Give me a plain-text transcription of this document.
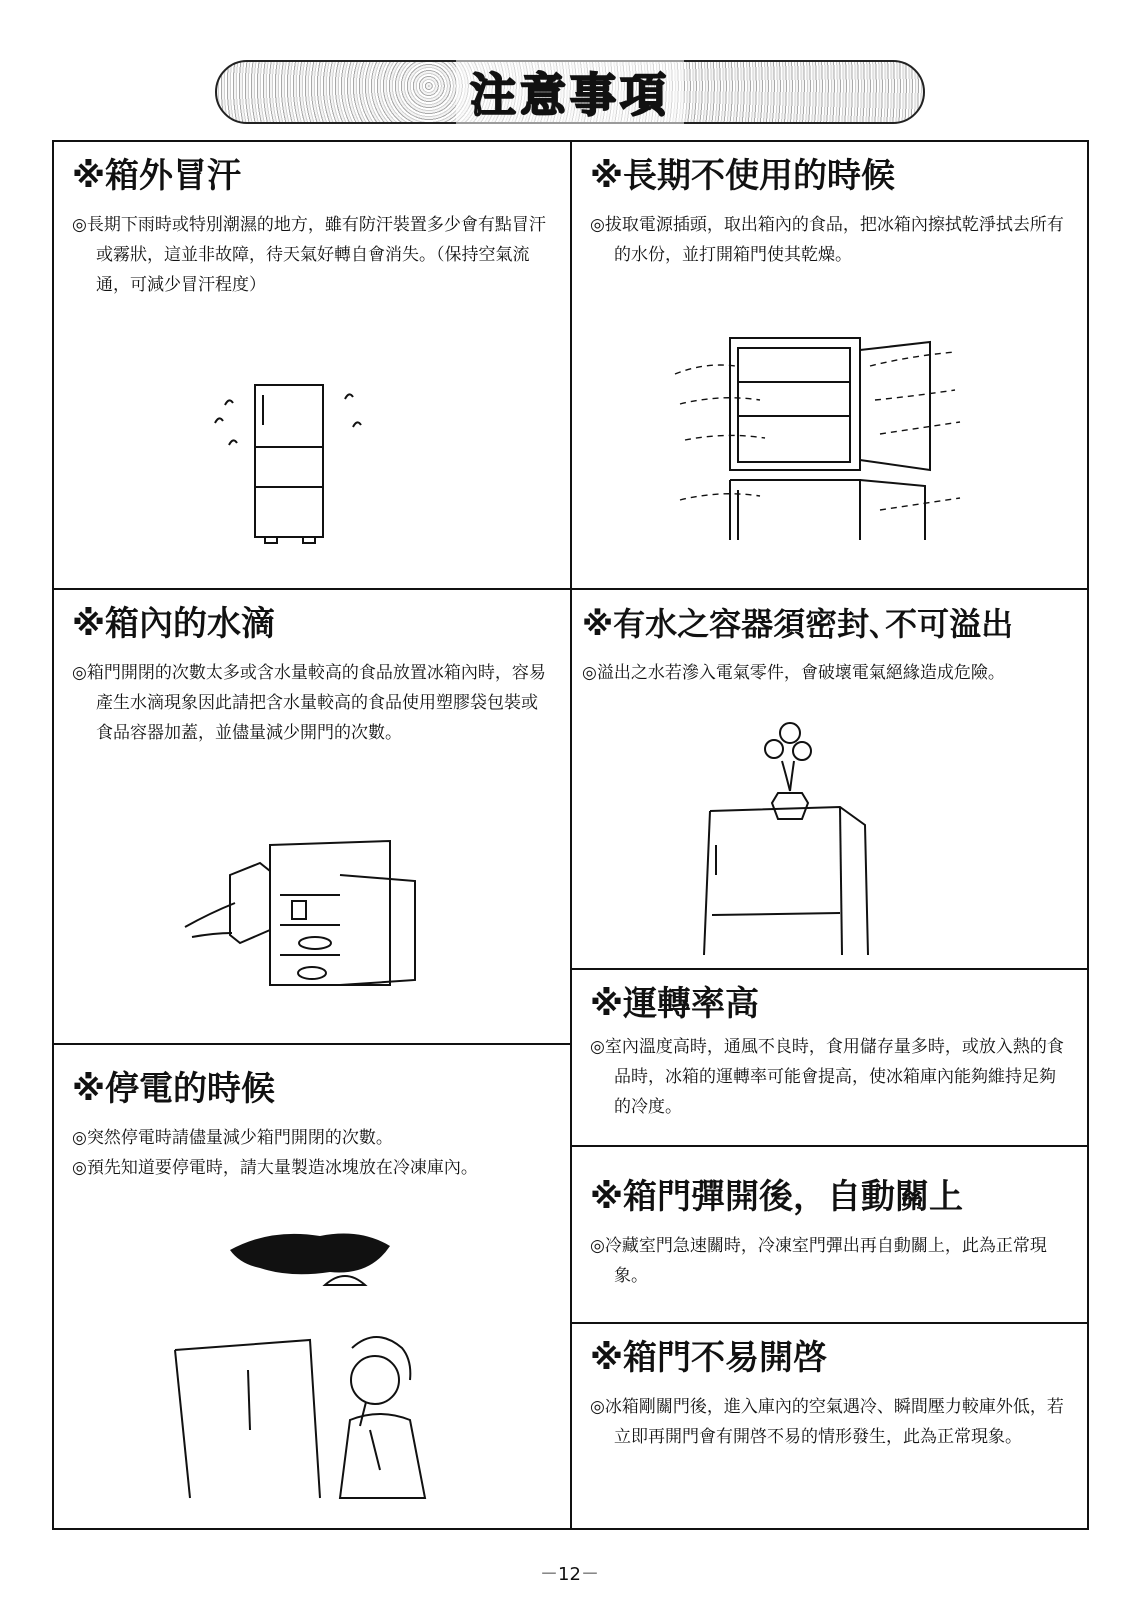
注意事項
※箱外冒汗

◎長期下雨時或特別潮濕的地方，雖有防汗裝置多少會有點冒汗或霧狀，這並非故障，待天氣好轉自會消失。（保持空氣流通，可減少冒汗程度）

※長期不使用的時候

◎拔取電源插頭，取出箱內的食品，把冰箱內擦拭乾淨拭去所有的水份，並打開箱門使其乾燥。

※箱內的水滴

◎箱門開閉的次數太多或含水量較高的食品放置冰箱內時，容易產生水滴現象因此請把含水量較高的食品使用塑膠袋包裝或食品容器加蓋，並儘量減少開門的次數。

※有水之容器須密封､不可溢出

◎溢出之水若滲入電氣零件，會破壞電氣絕緣造成危險。

※運轉率高

◎室內溫度高時，通風不良時，食用儲存量多時，或放入熱的食品時，冰箱的運轉率可能會提高，使冰箱庫內能夠維持足夠的冷度。

※停電的時候

◎突然停電時請儘量減少箱門開閉的次數。

◎預先知道要停電時，請大量製造冰塊放在冷凍庫內。

※箱門彈開後，自動關上

◎冷藏室門急速關時，冷凍室門彈出再自動關上，此為正常現象。

※箱門不易開啓

◎冰箱剛關門後，進入庫內的空氣遇冷、瞬間壓力較庫外低，若立即再開門會有開啓不易的情形發生，此為正常現象。

－12－
